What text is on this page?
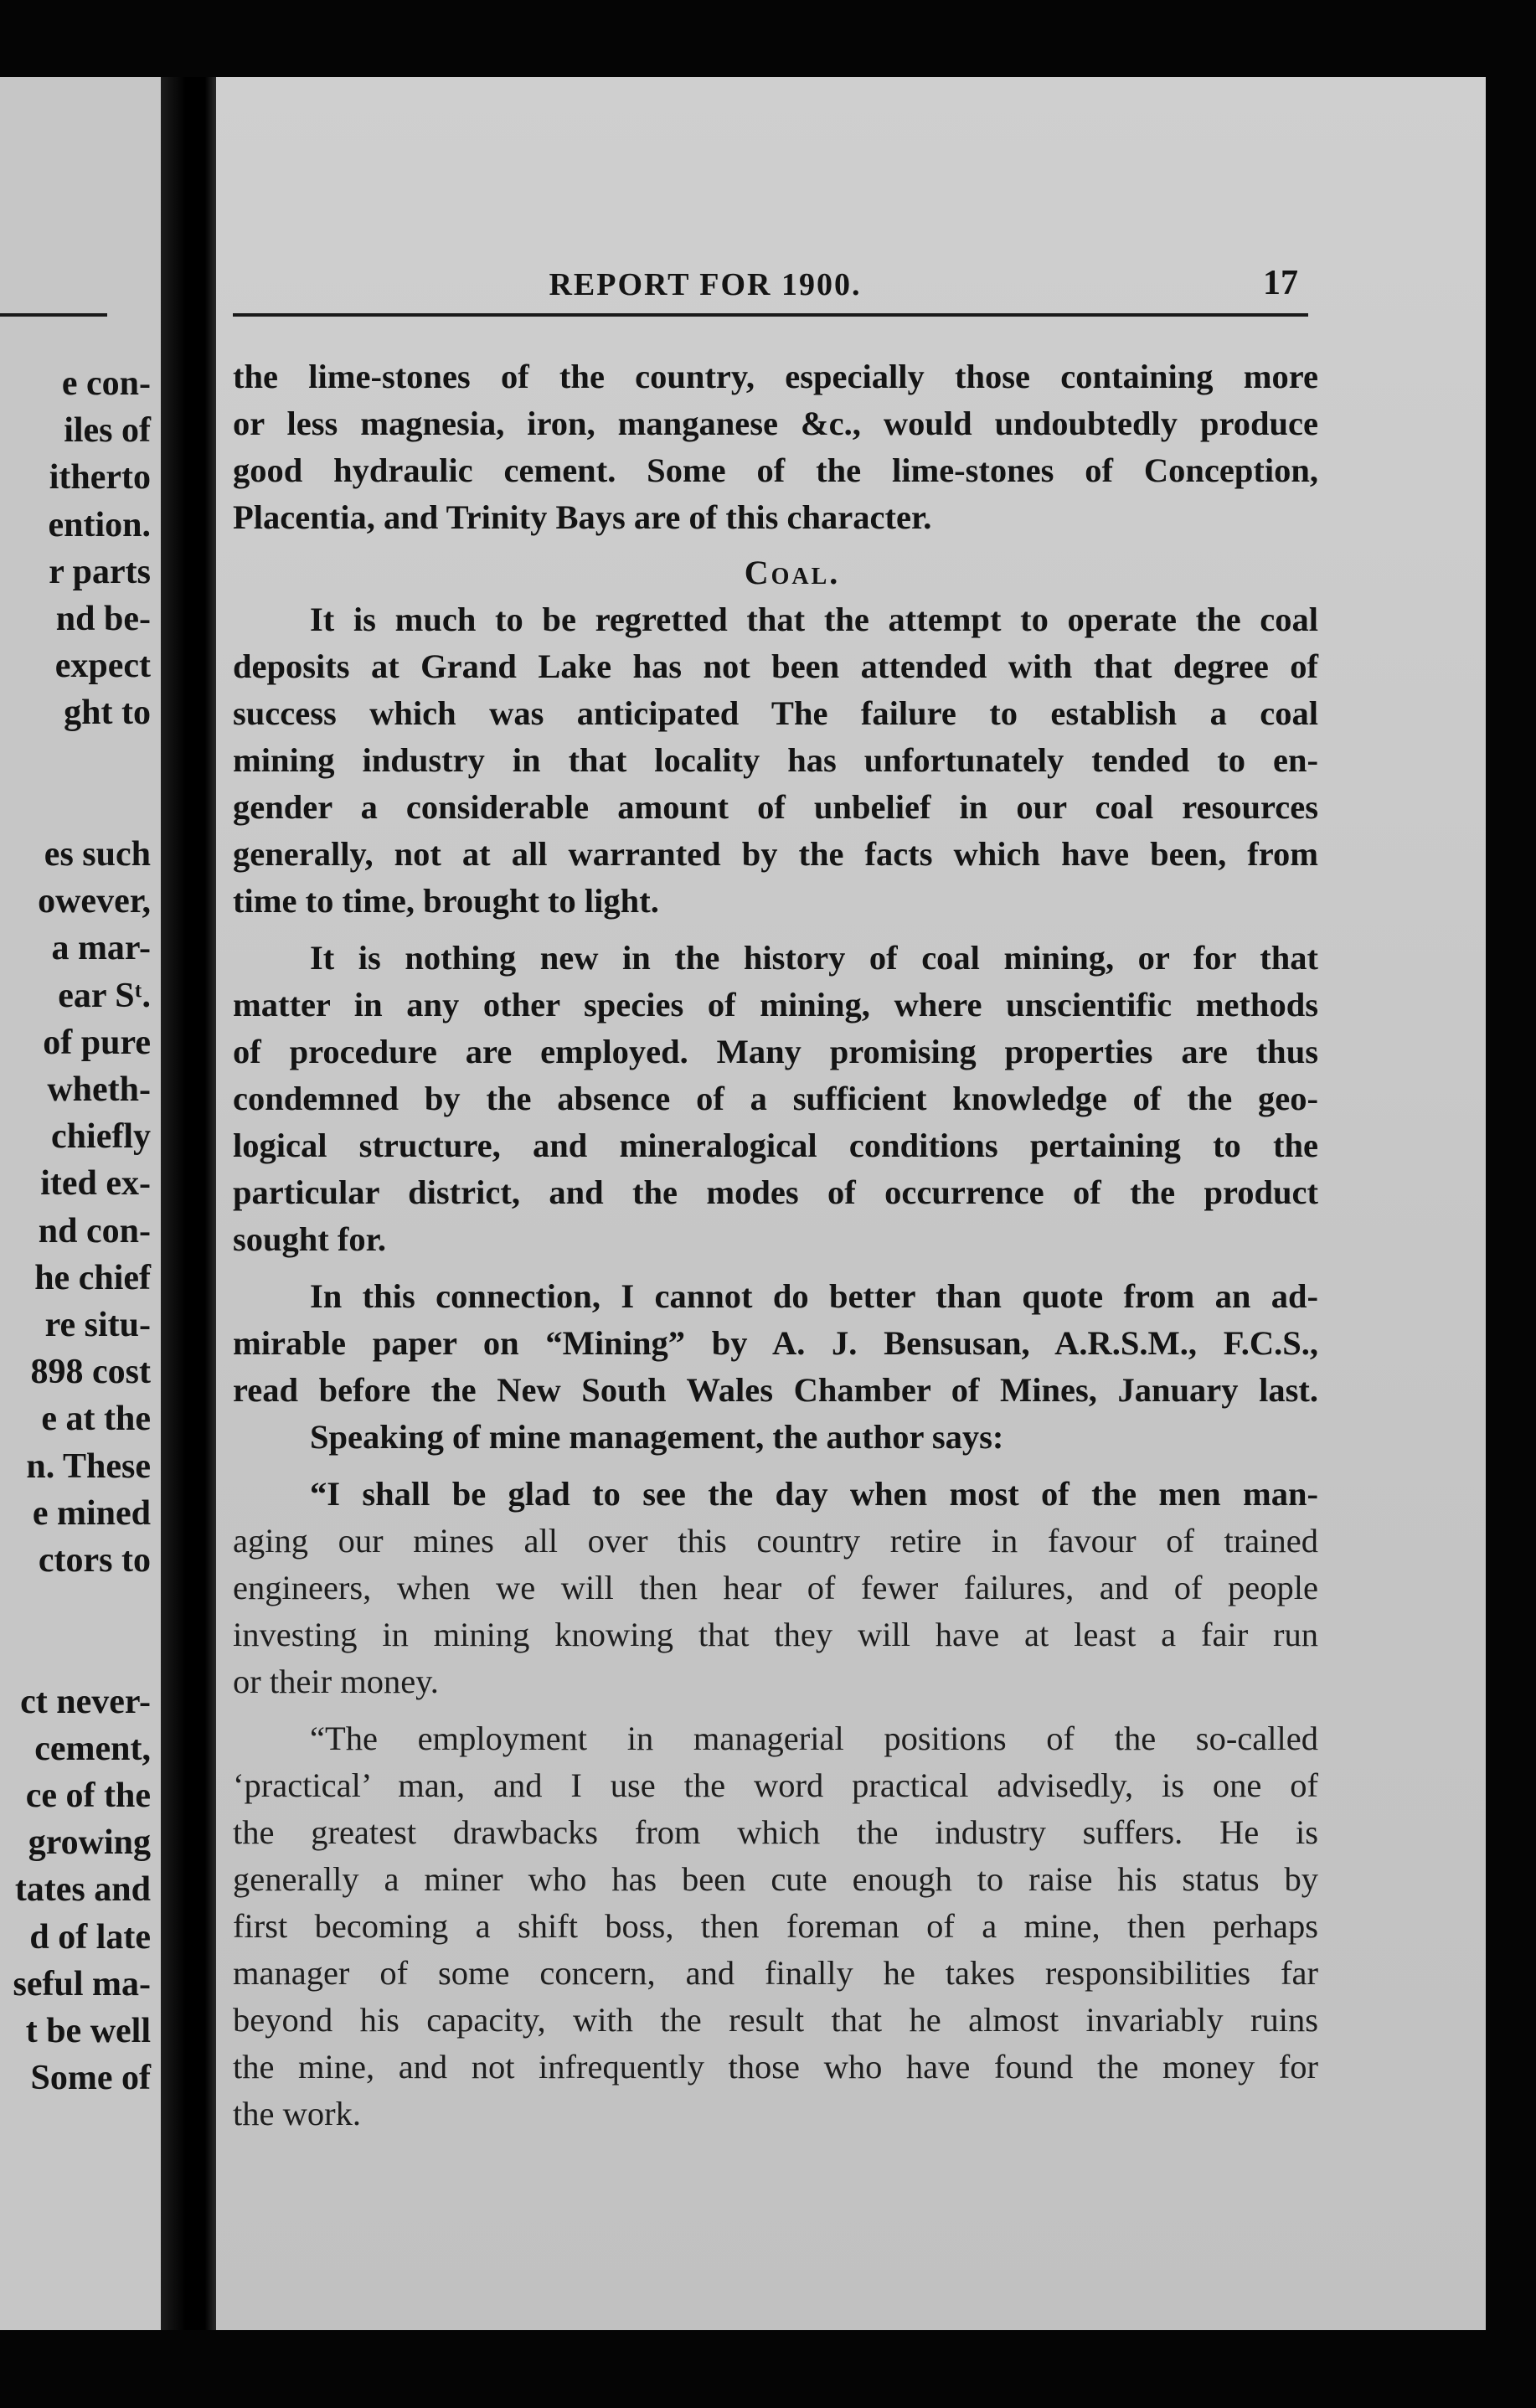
e con-
iles of
itherto
ention.
r parts
nd be-
expect
ght to
es such
owever,
a mar-
ear Sᵗ.
of pure
wheth-
chiefly
ited ex-
nd con-
he chief
re situ-
898 cost
e at the
n. These
e mined
ctors to
ct never-
cement,
ce of the
growing
tates and
d of late
seful ma-
t be well
Some of
REPORT FOR 1900.	17
the lime-stones of the country, especially those containing more
or less magnesia, iron, manganese &c., would undoubtedly produce
good hydraulic cement. Some of the lime-stones of Conception,
Placentia, and Trinity Bays are of this character.
Coal.
It is much to be regretted that the attempt to operate the coal
deposits at Grand Lake has not been attended with that degree of
success which was anticipated The failure to establish a coal
mining industry in that locality has unfortunately tended to en-
gender a considerable amount of unbelief in our coal resources
generally, not at all warranted by the facts which have been, from
time to time, brought to light.
It is nothing new in the history of coal mining, or for that
matter in any other species of mining, where unscientific methods
of procedure are employed. Many promising properties are thus
condemned by the absence of a sufficient knowledge of the geo-
logical structure, and mineralogical conditions pertaining to the
particular district, and the modes of occurrence of the product
sought for.
In this connection, I cannot do better than quote from an ad-
mirable paper on “Mining” by A. J. Bensusan, A.R.S.M., F.C.S.,
read before the New South Wales Chamber of Mines, January last.
Speaking of mine management, the author says:
“I shall be glad to see the day when most of the men man-
aging our mines all over this country retire in favour of trained
engineers, when we will then hear of fewer failures, and of people
investing in mining knowing that they will have at least a fair run
or their money.
“The employment in managerial positions of the so-called
‘practical’ man, and I use the word practical advisedly, is one of
the greatest drawbacks from which the industry suffers. He is
generally a miner who has been cute enough to raise his status by
first becoming a shift boss, then foreman of a mine, then perhaps
manager of some concern, and finally he takes responsibilities far
beyond his capacity, with the result that he almost invariably ruins
the mine, and not infrequently those who have found the money for
the work.
